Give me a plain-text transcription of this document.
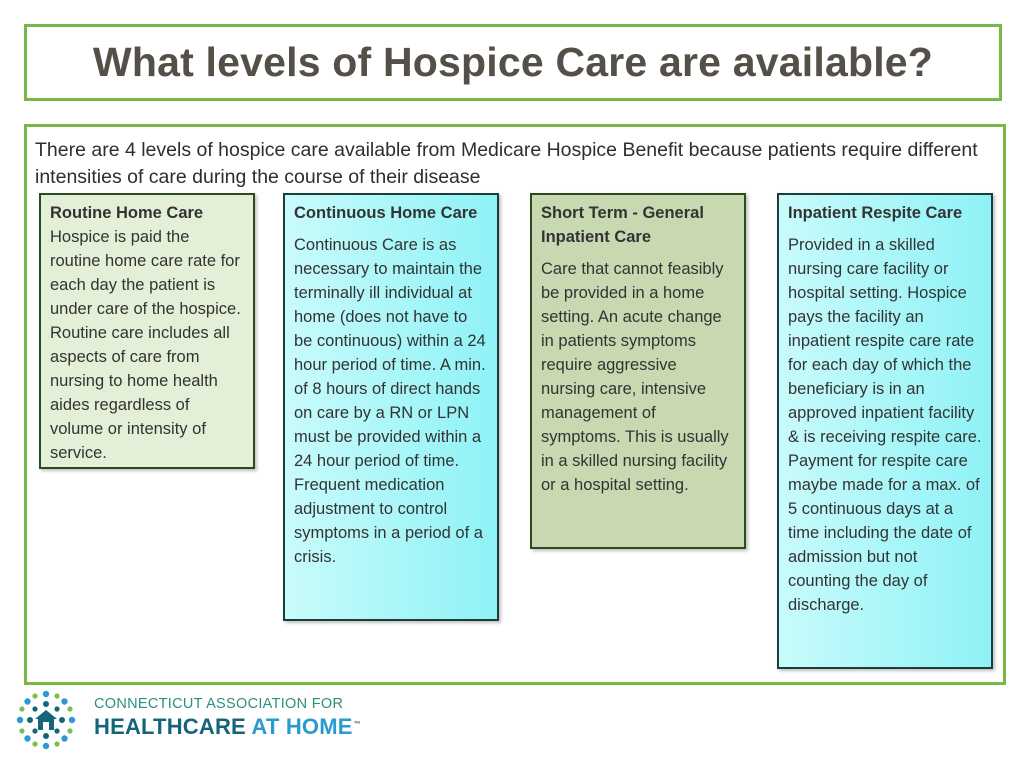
What levels of Hospice Care are available?

There are 4 levels of hospice care available from Medicare Hospice Benefit because patients require different intensities of care during the course of their disease

Routine Home Care

Hospice is paid the routine home care rate for each day the patient is under care of the hospice. Routine care includes all aspects of care from nursing to home health aides regardless of volume or intensity of service.

Continuous Home Care

Continuous Care is as necessary to maintain the terminally ill individual at home (does not have to be continuous) within a 24 hour period of time. A min. of 8 hours of direct hands on care by a RN or LPN must be provided within a 24 hour period of time. Frequent medication adjustment to control symptoms in a period of a crisis.

Short Term - General Inpatient Care

Care that cannot feasibly be provided in a home setting. An acute change in patients symptoms require aggressive nursing care, intensive management of symptoms. This is usually in a skilled nursing facility or a hospital setting.

Inpatient Respite Care

Provided in a skilled nursing care facility or hospital setting. Hospice pays the facility an inpatient respite care rate for each day of which the beneficiary is in an approved inpatient facility & is receiving respite care. Payment for respite care maybe made for a max. of 5 continuous days at a time including the date of admission but not counting the day of discharge.

CONNECTICUT ASSOCIATION FOR
HEALTHCARE AT HOME™
